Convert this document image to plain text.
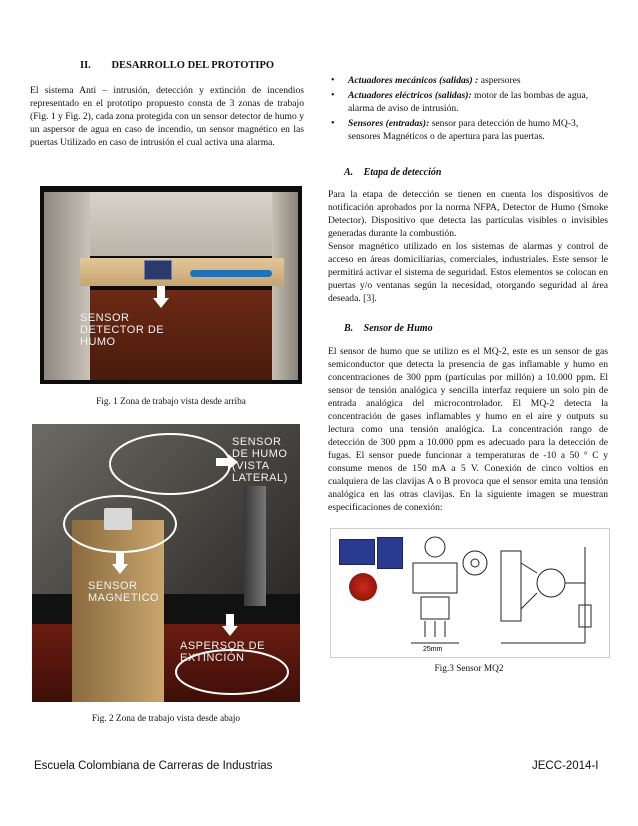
II. DESARROLLO DEL PROTOTIPO
El sistema Anti – intrusión, detección y extinción de incendios representado en el prototipo propuesto consta de 3 zonas de trabajo (Fig. 1 y Fig. 2), cada zona protegida con un sensor detector de humo y un aspersor de agua en caso de incendio, un sensor magnético en las puertas Utilizado en caso de intrusión el cual activa una alarma.
SENSOR
DETECTOR DE
HUMO
Fig. 1 Zona de trabajo vista desde arriba
SENSOR
DE HUMO
(VISTA
LATERAL)
SENSOR
MAGNETICO
ASPERSOR DE
EXTINCIÓN
Fig. 2 Zona de trabajo vista desde abajo
• Actuadores mecánicos (salidas) : aspersores
• Actuadores eléctricos (salidas): motor de las bombas de agua, alarma de aviso de intrusión.
• Sensores (entradas): sensor para detección de humo MQ-3, sensores Magnéticos o de apertura para las puertas.
A. Etapa de detección
Para la etapa de detección se tienen en cuenta los dispositivos de notificación aprobados por la norma NFPA, Detector de Humo (Smoke Detector). Dispositivo que detecta las partículas visibles o invisibles generadas durante la combustión.
Sensor magnético utilizado en los sistemas de alarmas y control de acceso en áreas domiciliarias, comerciales, industriales. Este sensor le permitirá activar el sistema de seguridad. Estos elementos se colocan en puertas y/o ventanas según la necesidad, otorgando seguridad al área deseada. [3].
B. Sensor de Humo
El sensor de humo que se utilizo es el MQ-2, este es un sensor de gas semiconductor que detecta la presencia de gas inflamable y humo en concentraciones de 300 ppm (partículas por millón) a 10.000 ppm. El sensor de tensión analógica y sencilla interfaz requiere un solo pin de entrada analógica del microcontrolador. El MQ-2 detecta la concentración de gases inflamables y humo en el aire y outputs su lectura como una tensión analógica. La concentración rango de detección de 300 ppm a 10.000 ppm es adecuado para la detección de fugas. El sensor puede funcionar a temperaturas de -10 a 50 ° C y consume menos de 150 mA a 5 V. Conexión de cinco voltios en cualquiera de las clavijas A o B provoca que el sensor emita una tensión analógica en las otras clavijas. En la siguiente imagen se muestran especificaciones de conexión:
25mm
Fig.3 Sensor MQ2
Escuela Colombiana de Carreras de Industrias	JECC-2014-I
